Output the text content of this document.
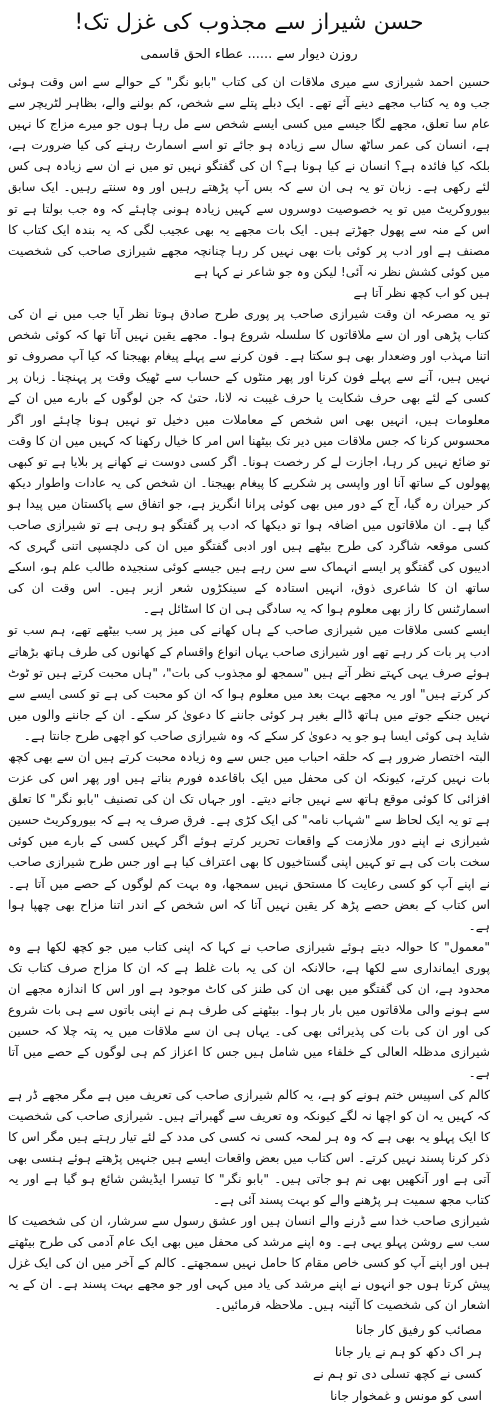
حسن شیراز سے مجذوب کی غزل تک!
روزن دیوار سے ...... عطاء الحق قاسمی

حسین احمد شیرازی سے میری ملاقات ان کی کتاب "بابو نگر" کے حوالے سے اس وقت ہوئی جب وہ یہ کتاب مجھے دینے آئے تھے۔ ایک دبلے پتلے سے شخص، کم بولنے والے، بظاہر لٹریچر سے عام سا تعلق، مجھے لگا جیسے میں کسی ایسے شخص سے مل رہا ہوں جو میرے مزاج کا نہیں ہے، انسان کی عمر ساٹھ سال سے زیادہ ہو جائے تو اسے اسمارٹ رہنے کی کیا ضرورت ہے، بلکہ کیا فائدہ ہے؟ انسان نے کیا ہونا ہے؟ ان کی گفتگو نہیں تو میں نے ان سے زیادہ ہی کس لئے رکھی ہے۔ زبان تو یہ ہی ان سے کہ بس آپ پڑھتے رہیں اور وہ سنتے رہیں۔ ایک سابق بیوروکریٹ میں تو یہ خصوصیت دوسروں سے کہیں زیادہ ہونی چاہئے کہ وہ جب بولتا ہے تو اس کے منہ سے پھول جھڑتے ہیں۔ ایک بات مجھے یہ بھی عجیب لگی کہ یہ بندہ ایک کتاب کا مصنف ہے اور ادب پر کوئی بات بھی نہیں کر رہا چنانچہ مجھے شیرازی صاحب کی شخصیت میں کوئی کشش نظر نہ آئی! لیکن وہ جو شاعر نے کہا ہے

ہیں کو اب کچھ نظر آتا ہے

تو یہ مصرعہ ان وقت شیرازی صاحب پر پوری طرح صادق ہوتا نظر آیا جب میں نے ان کی کتاب پڑھی اور ان سے ملاقاتوں کا سلسلہ شروع ہوا۔ مجھے یقین نہیں آتا تھا کہ کوئی شخص اتنا مہذب اور وضعدار بھی ہو سکتا ہے۔ فون کرنے سے پہلے پیغام بھیجنا کہ کیا آپ مصروف تو نہیں ہیں، آنے سے پہلے فون کرنا اور پھر منٹوں کے حساب سے ٹھیک وقت پر پہنچنا۔ زبان پر کسی کے لئے بھی حرف شکایت یا حرف غیبت نہ لانا، حتیٰ کہ جن لوگوں کے بارے میں ان کے معلومات ہیں، انہیں بھی اس شخص کے معاملات میں دخیل تو نہیں ہونا چاہئے اور اگر محسوس کرنا کہ جس ملاقات میں دیر تک بیٹھنا اس امر کا خیال رکھنا کہ کہیں میں ان کا وقت تو ضائع نہیں کر رہا، اجازت لے کر رخصت ہونا۔ اگر کسی دوست نے کھانے پر بلایا ہے تو کبھی پھولوں کے ساتھ آنا اور واپسی پر شکریے کا پیغام بھیجنا۔ ان شخص کی یہ عادات واطوار دیکھ کر حیران رہ گیا، آج کے دور میں بھی کوئی پرانا انگریز ہے، جو اتفاق سے پاکستان میں پیدا ہو گیا ہے۔ ان ملاقاتوں میں اضافہ ہوا تو دیکھا کہ ادب پر گفتگو ہو رہی ہے تو شیرازی صاحب کسی موقعہ شاگرد کی طرح بیٹھے ہیں اور ادبی گفتگو میں ان کی دلچسپی اتنی گہری کہ ادیبوں کی گفتگو پر ایسے انہماک سے سن رہے ہیں جیسے کوئی سنجیدہ طالب علم ہو، اسکے ساتھ ان کا شاعری ذوق، انہیں استادہ کے سینکڑوں شعر ازبر ہیں۔ اس وقت ان کی اسمارٹنس کا راز بھی معلوم ہوا کہ یہ سادگی ہی ان کا اسٹائل ہے۔

ایسے کسی ملاقات میں شیرازی صاحب کے ہاں کھانے کی میز پر سب بیٹھے تھے، ہم سب تو ادب پر بات کر رہے تھے اور شیرازی صاحب یہاں انواع واقسام کے کھانوں کی طرف ہاتھ بڑھاتے ہوئے صرف یہی کہتے نظر آتے ہیں "سمجھ لو مجذوب کی بات"، "ہاں محبت کرتے ہیں تو ٹوٹ کر کرتے ہیں" اور یہ مجھے بہت بعد میں معلوم ہوا کہ ان کو محبت کی ہے تو کسی ایسے سے نہیں جنکے جوتے میں ہاتھ ڈالے بغیر ہر کوئی جاننے کا دعویٰ کر سکے۔ ان کے جاننے والوں میں شاید ہی کوئی ایسا ہو جو یہ دعویٰ کر سکے کہ وہ شیرازی صاحب کو اچھی طرح جانتا ہے۔

البتہ اختصار ضرور ہے کہ حلقہ احباب میں جس سے وہ زیادہ محبت کرتے ہیں ان سے بھی کچھ بات نہیں کرتے، کیونکہ ان کی محفل میں ایک باقاعدہ فورم بناتے ہیں اور پھر اس کی عزت افزائی کا کوئی موقع ہاتھ سے نہیں جانے دیتے۔ اور جہاں تک ان کی تصنیف "بابو نگر" کا تعلق ہے تو یہ ایک لحاظ سے "شہاب نامہ" کی ایک کڑی ہے۔ فرق صرف یہ ہے کہ بیوروکریٹ حسین شیرازی نے اپنے دور ملازمت کے واقعات تحریر کرتے ہوئے اگر کہیں کسی کے بارے میں کوئی سخت بات کی ہے تو کہیں اپنی گستاخیوں کا بھی اعتراف کیا ہے اور جس طرح شیرازی صاحب نے اپنے آپ کو کسی رعایت کا مستحق نہیں سمجھا، وہ بہت کم لوگوں کے حصے میں آتا ہے۔ اس کتاب کے بعض حصے پڑھ کر یقین نہیں آتا کہ اس شخص کے اندر اتنا مزاح بھی چھپا ہوا ہے۔

"معمول" کا حوالہ دیتے ہوئے شیرازی صاحب نے کہا کہ اپنی کتاب میں جو کچھ لکھا ہے وہ پوری ایمانداری سے لکھا ہے، حالانکہ ان کی یہ بات غلط ہے کہ ان کا مزاح صرف کتاب تک محدود ہے، ان کی گفتگو میں بھی ان کی طنز کی کاٹ موجود ہے اور اس کا اندازہ مجھے ان سے ہونے والی ملاقاتوں میں بار بار ہوا۔ بیٹھنے کی طرف ہم نے اپنی باتوں سے ہی بات شروع کی اور ان کی بات کی پذیرائی بھی کی۔ یہاں ہی ان سے ملاقات میں یہ پتہ چلا کہ حسین شیرازی مدظلہ العالی کے خلفاء میں شامل ہیں جس کا اعزاز کم ہی لوگوں کے حصے میں آتا ہے۔

کالم کی اسپیس ختم ہونے کو ہے، یہ کالم شیرازی صاحب کی تعریف میں ہے مگر مجھے ڈر ہے کہ کہیں یہ ان کو اچھا نہ لگے کیونکہ وہ تعریف سے گھبراتے ہیں۔ شیرازی صاحب کی شخصیت کا ایک پہلو یہ بھی ہے کہ وہ ہر لمحہ کسی نہ کسی کی مدد کے لئے تیار رہتے ہیں مگر اس کا ذکر کرنا پسند نہیں کرتے۔ اس کتاب میں بعض واقعات ایسے ہیں جنہیں پڑھتے ہوئے ہنسی بھی آتی ہے اور آنکھیں بھی نم ہو جاتی ہیں۔ "بابو نگر" کا تیسرا ایڈیشن شائع ہو گیا ہے اور یہ کتاب مجھ سمیت ہر پڑھنے والے کو بہت پسند آئی ہے۔

شیرازی صاحب خدا سے ڈرنے والے انسان ہیں اور عشق رسول سے سرشار، ان کی شخصیت کا سب سے روشن پہلو یہی ہے۔ وہ اپنے مرشد کی محفل میں بھی ایک عام آدمی کی طرح بیٹھتے ہیں اور اپنے آپ کو کسی خاص مقام کا حامل نہیں سمجھتے۔ کالم کے آخر میں ان کی ایک غزل پیش کرتا ہوں جو انہوں نے اپنے مرشد کی یاد میں کہی اور جو مجھے بہت پسند ہے۔ ان کے یہ اشعار ان کی شخصیت کا آئینہ ہیں۔ ملاحظہ فرمائیں۔

مصائب کو رفیق کار جانا

ہر اک دکھ کو ہم نے یار جانا

کسی نے کچھ تسلی دی تو ہم نے

اسی کو مونس و غمخوار جانا
